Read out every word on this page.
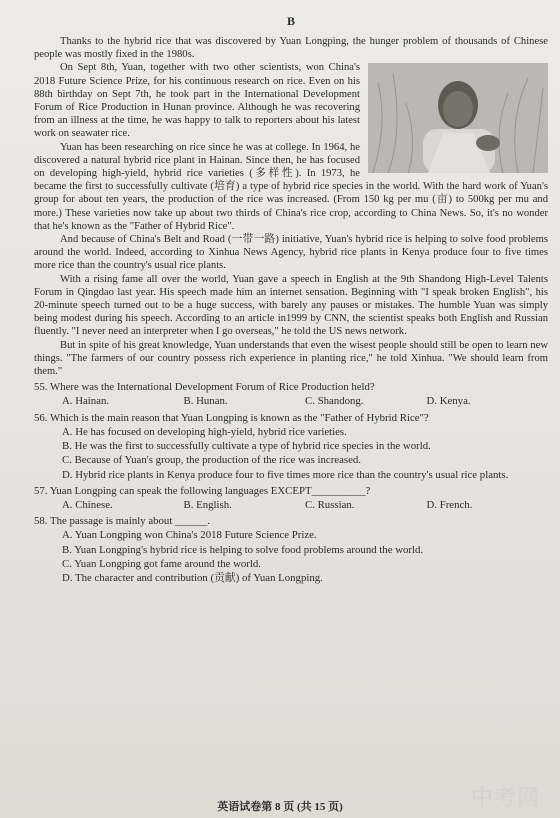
B

Thanks to the hybrid rice that was discovered by Yuan Longping, the hunger problem of thousands of Chinese people was mostly fixed in the 1980s.

On Sept 8th, Yuan, together with two other scientists, won China's 2018 Future Science Prize, for his continuous research on rice. Even on his 88th birthday on Sept 7th, he took part in the International Development Forum of Rice Production in Hunan province. Although he was recovering from an illness at the time, he was happy to talk to reporters about his latest work on seawater rice.

Yuan has been researching on rice since he was at college. In 1964, he discovered a natural hybrid rice plant in Hainan. Since then, he has focused on developing high-yield, hybrid rice varieties (多样性). In 1973, he became the first to successfully cultivate (培育) a type of hybrid rice species in the world. With the hard work of Yuan's group for about ten years, the production of the rice was increased. (From 150 kg per mu (亩) to 500kg per mu and more.) These varieties now take up about two thirds of China's rice crop, according to China News. So, it's no wonder that he's known as the "Father of Hybrid Rice".

And because of China's Belt and Road (一带一路) initiative, Yuan's hybrid rice is helping to solve food problems around the world. Indeed, according to Xinhua News Agency, hybrid rice plants in Kenya produce four to five times more rice than the country's usual rice plants.

With a rising fame all over the world, Yuan gave a speech in English at the 9th Shandong High-Level Talents Forum in Qingdao last year. His speech made him an internet sensation. Beginning with "I speak broken English", his 20-minute speech turned out to be a huge success, with barely any pauses or mistakes. The humble Yuan was simply being modest during his speech. According to an article in1999 by CNN, the scientist speaks both English and Russian fluently. "I never need an interpreter when I go overseas," he told the US news network.

But in spite of his great knowledge, Yuan understands that even the wisest people should still be open to learn new things. "The farmers of our country possess rich experience in planting rice," he told Xinhua. "We should learn from them."

55. Where was the International Development Forum of Rice Production held?
A. Hainan.	B. Hunan.	C. Shandong.	D. Kenya.
56. Which is the main reason that Yuan Longping is known as the "Father of Hybrid Rice"?
A. He has focused on developing high-yield, hybrid rice varieties.
B. He was the first to successfully cultivate a type of hybrid rice species in the world.
C. Because of Yuan's group, the production of the rice was increased.
D. Hybrid rice plants in Kenya produce four to five times more rice than the country's usual rice plants.
57. Yuan Longping can speak the following languages EXCEPT__________?
A. Chinese.	B. English.	C. Russian.	D. French.
58. The passage is mainly about ______.
A. Yuan Longping won China's 2018 Future Science Prize.
B. Yuan Longping's hybrid rice is helping to solve food problems around the world.
C. Yuan Longping got fame around the world.
D. The character and contribution (贡献) of Yuan Longping.
中考网
英语试卷第 8 页 (共 15 页)
